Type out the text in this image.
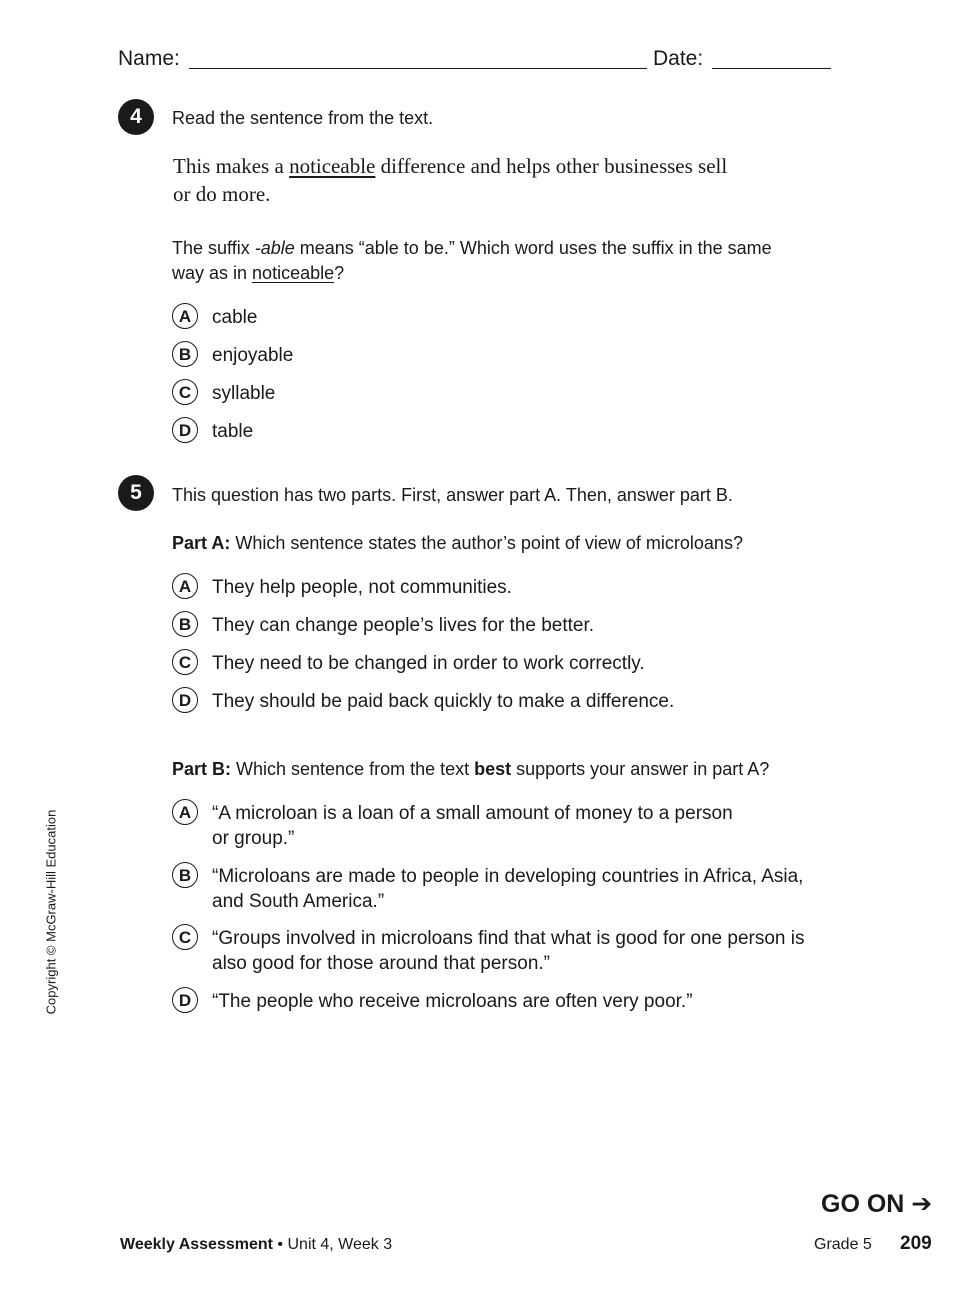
Name:	Date:
4	Read the sentence from the text.
This makes a noticeable difference and helps other businesses sell
or do more.
The suffix -able means “able to be.” Which word uses the suffix in the same
way as in noticeable?
A	cable
B	enjoyable
C	syllable
D	table
5	This question has two parts. First, answer part A. Then, answer part B.
Part A: Which sentence states the author’s point of view of microloans?
A	They help people, not communities.
B	They can change people’s lives for the better.
C	They need to be changed in order to work correctly.
D	They should be paid back quickly to make a difference.
Part B: Which sentence from the text best supports your answer in part A?
A	“A microloan is a loan of a small amount of money to a person
or group.”
B	“Microloans are made to people in developing countries in Africa, Asia,
and South America.”
C	“Groups involved in microloans find that what is good for one person is
also good for those around that person.”
D	“The people who receive microloans are often very poor.”
Copyright © McGraw-Hill Education
GO ON ➔
Weekly Assessment • Unit 4, Week 3	Grade 5 209
